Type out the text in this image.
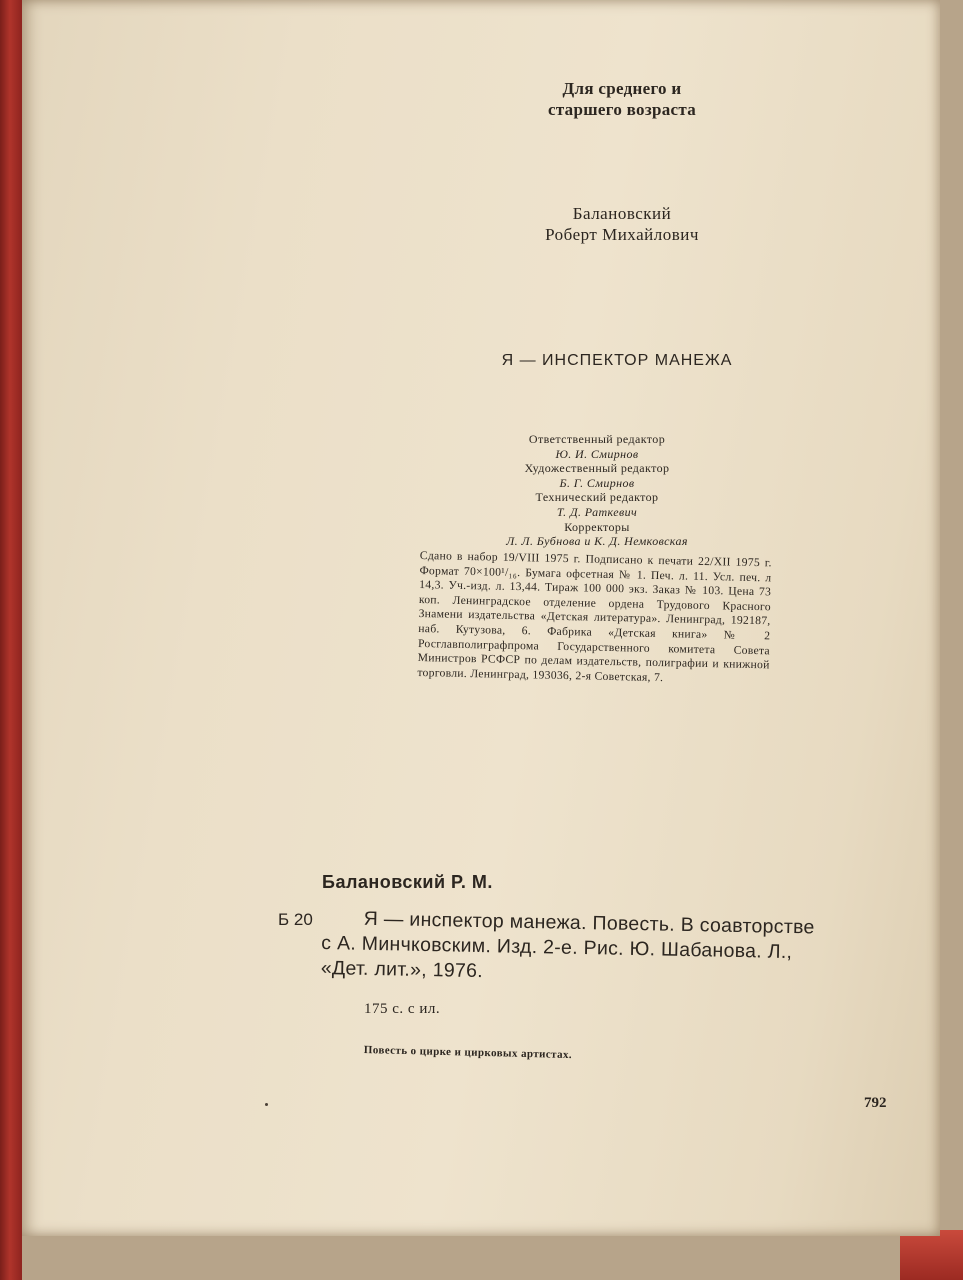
Для среднего и
старшего возраста
Балановский
Роберт Михайлович
Я — ИНСПЕКТОР МАНЕЖА
Ответственный редактор
Ю. И. Смирнов
Художественный редактор
Б. Г. Смирнов
Технический редактор
Т. Д. Раткевич
Корректоры
Л. Л. Бубнова и К. Д. Немковская
Сдано в набор 19/VIII 1975 г. Подписано к печати 22/XII 1975 г. Формат 70×100¹/₁₆. Бумага офсетная № 1. Печ. л. 11. Усл. печ. л 14,3. Уч.-изд. л. 13,44. Тираж 100 000 экз. Заказ № 103. Цена 73 коп. Ленинградское отделение ордена Трудового Красного Знамени издательства «Детская литература». Ленинград, 192187, наб. Кутузова, 6. Фабрика «Детская книга» № 2 Росглавполиграфпрома Государственного комитета Совета Министров РСФСР по делам издательств, полиграфии и книжной торговли. Ленинград, 193036, 2-я Советская, 7.
Балановский Р. М.
Б 20	Я — инспектор манежа. Повесть. В соавторстве
с А. Минчковским. Изд. 2-е. Рис. Ю. Шабанова. Л.,
«Дет. лит.», 1976.
175 с. с ил.
Повесть о цирке и цирковых артистах.
792
